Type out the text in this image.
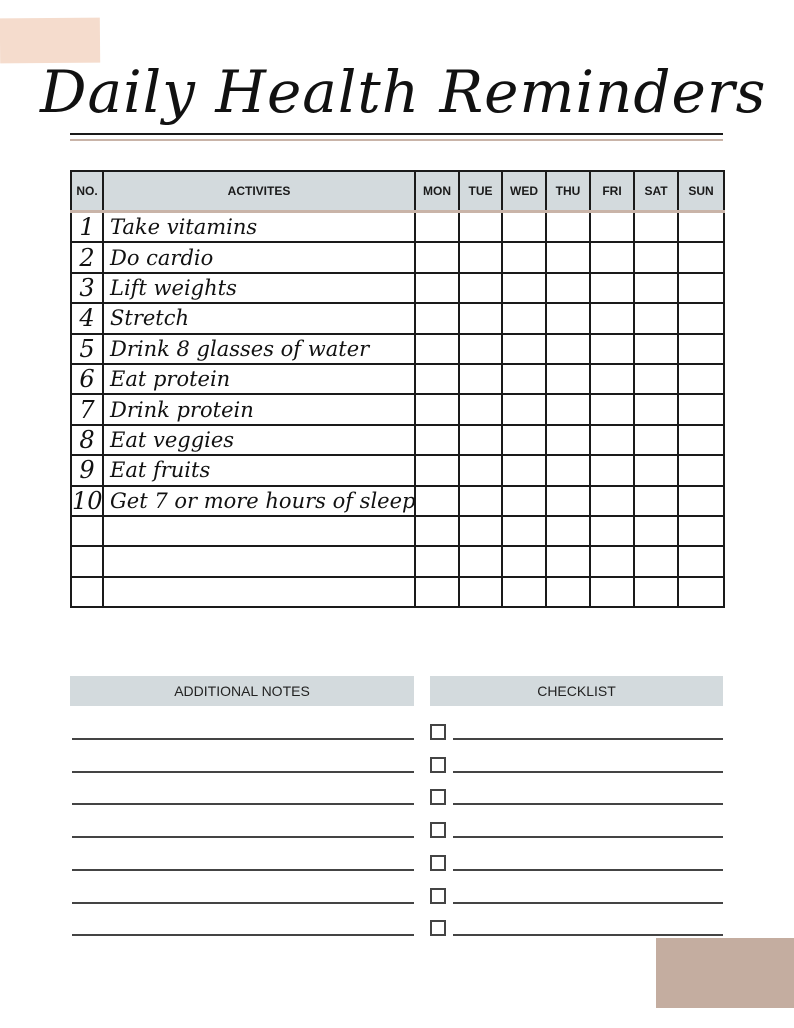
Daily Health Reminders
NO.	ACTIVITES	MON	TUE	WED	THU	FRI	SAT	SUN
1	Take vitamins							
2	Do cardio							
3	Lift weights							
4	Stretch							
5	Drink 8 glasses of water							
6	Eat protein							
7	Drink protein							
8	Eat veggies							
9	Eat fruits							
10	Get 7 or more hours of sleep							

ADDITIONAL NOTES	CHECKLIST
